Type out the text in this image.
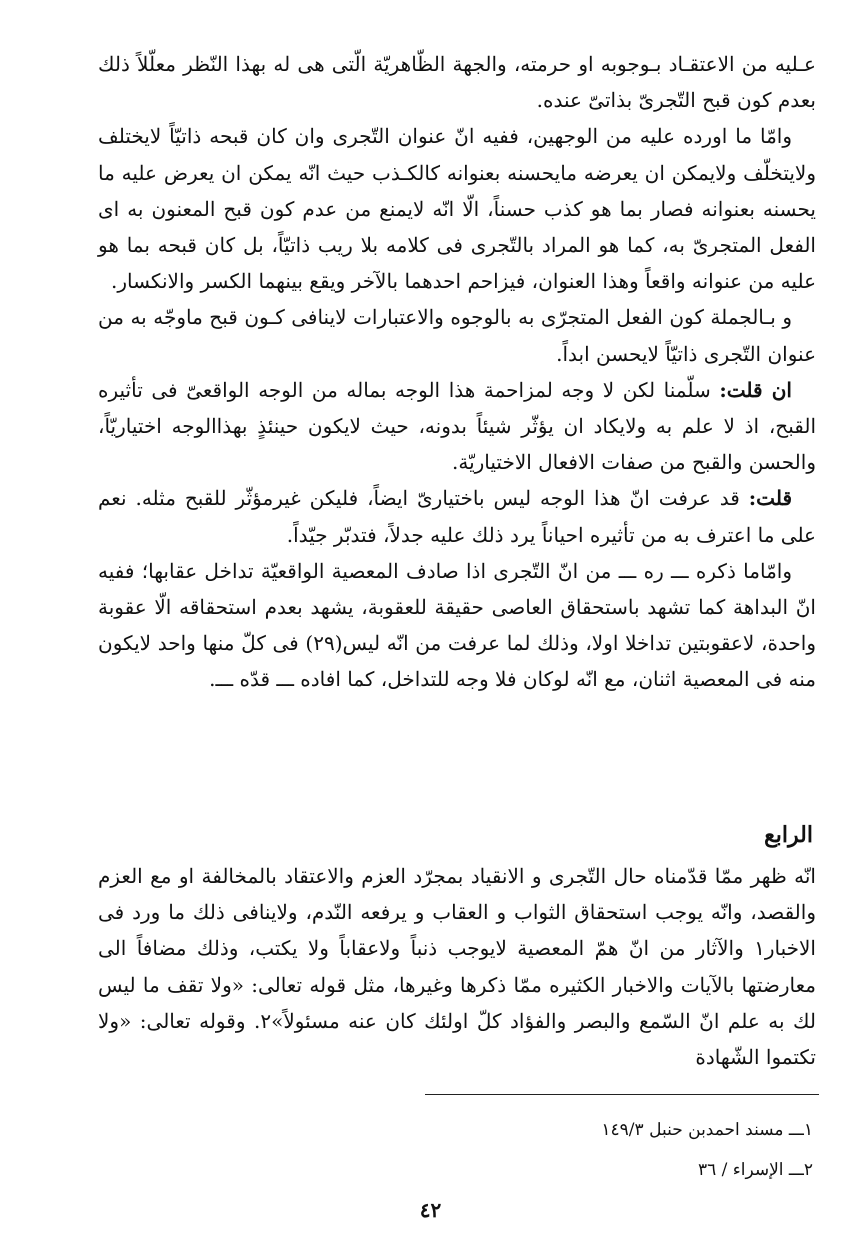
عـليه من الاعتقـاد بـوجوبه او حرمته، والجهة الظّاهريّة الّتى هى له بهذا النّظر معلّلاً ذلك بعدم كون قبح التّجرىّ بذاتىّ عنده.

وامّا ما اورده عليه من الوجهين، ففيه انّ عنوان التّجرى وان كان قبحه ذاتيّاً لايختلف ولايتخلّف ولايمكن ان يعرضه مايحسنه بعنوانه كالكـذب حيث انّه يمكن ان يعرض عليه ما يحسنه بعنوانه فصار بما هو كذب حسناً، الّا انّه لايمنع من عدم كون قبح المعنون به اى الفعل المتجرىّ به، كما هو المراد بالتّجرى فى كلامه بلا ريب ذاتيّاً، بل كان قبحه بما هو عليه من عنوانه واقعاً وهذا العنوان، فيزاحم احدهما بالآخر ويقع بينهما الكسر والانكسار.

و بـالجملة كون الفعل المتجرّى به بالوجوه والاعتبارات لاينافى كـون قبح ماوجّه به من عنوان التّجرى ذاتيّاً لايحسن ابداً.

ان قلت: سلّمنا لكن لا وجه لمزاحمة هذا الوجه بماله من الوجه الواقعىّ فى تأثيره القبح، اذ لا علم به ولايكاد ان يؤثّر شيئاً بدونه، حيث لايكون حينئذٍ بهذاالوجه اختياريّاً، والحسن والقبح من صفات الافعال الاختياريّة.

قلت: قد عرفت انّ هذا الوجه ليس باختيارىّ ايضاً، فليكن غيرمؤثّر للقبح مثله. نعم على ما اعترف به من تأثيره احياناً يرد ذلك عليه جدلاً، فتدبّر جيّداً.

وامّاما ذكره ـــ ره ـــ من انّ التّجرى اذا صادف المعصية الواقعيّة تداخل عقابها؛ ففيه انّ البداهة كما تشهد باستحقاق العاصى حقيقة للعقوبة، يشهد بعدم استحقاقه الّا عقوبة واحدة، لاعقوبتين تداخلا اولا، وذلك لما عرفت من انّه ليس(٢٩) فى كلّ منها واحد لايكون منه فى المعصية اثنان، مع انّه لوكان فلا وجه للتداخل، كما افاده ـــ قدّه ـــ.

الرابع

انّه ظهر ممّا قدّمناه حال التّجرى و الانقياد بمجرّد العزم والاعتقاد بالمخالفة او مع العزم والقصد، وانّه يوجب استحقاق الثواب و العقاب و يرفعه النّدم، ولاينافى ذلك ما ورد فى الاخبار١ والآثار من انّ همّ المعصية لايوجب ذنباً ولاعقاباً ولا يكتب، وذلك مضافاً الى معارضتها بالآيات والاخبار الكثيره ممّا ذكرها وغيرها، مثل قوله تعالى: «ولا تقف ما ليس لك به علم انّ السّمع والبصر والفؤاد كلّ اولئك كان عنه مسئولاً»٢. وقوله تعالى: «ولا تكتموا الشّهادة

١ـــ مسند احمدبن حنبل ١٤٩/٣
٢ـــ الإسراء / ٣٦
٤٢
